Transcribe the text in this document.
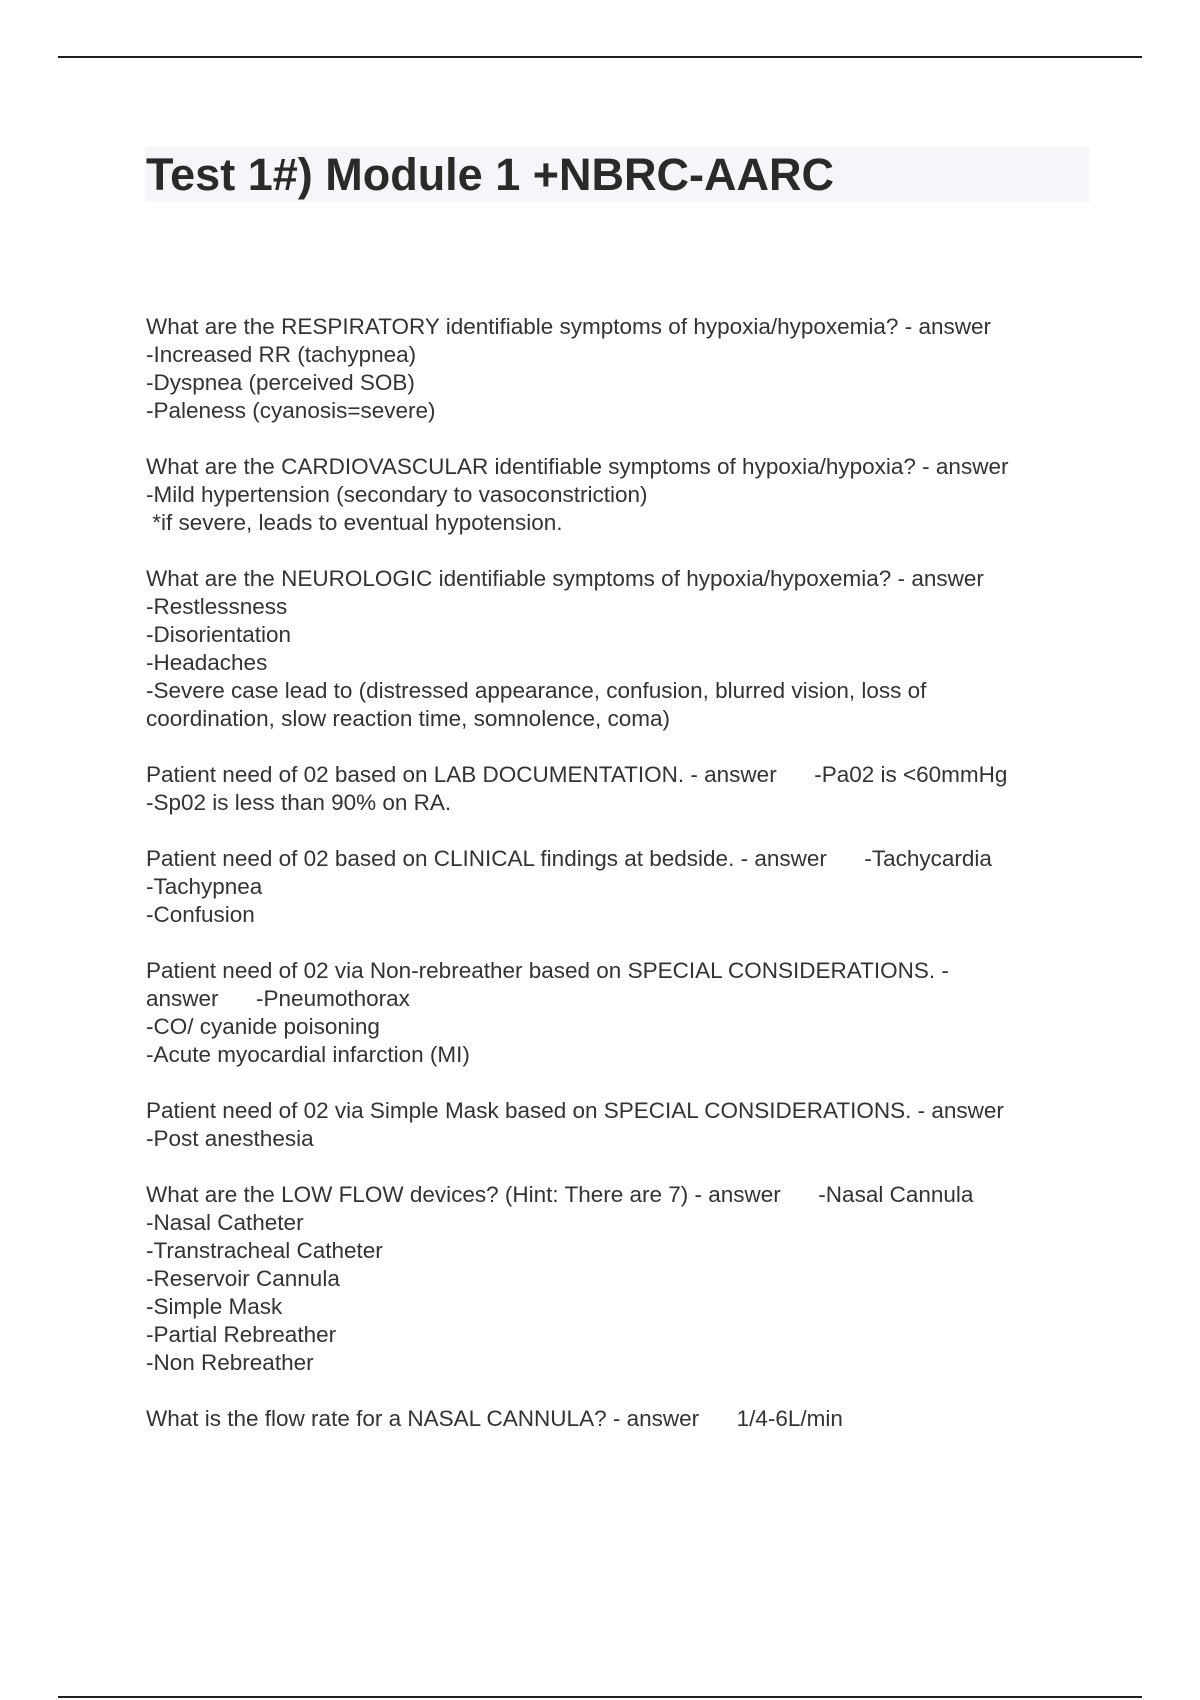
Test 1#) Module 1 +NBRC-AARC
What are the RESPIRATORY identifiable symptoms of hypoxia/hypoxemia? - answer
-Increased RR (tachypnea)
-Dyspnea (perceived SOB)
-Paleness (cyanosis=severe)
What are the CARDIOVASCULAR identifiable symptoms of hypoxia/hypoxia? - answer
-Mild hypertension (secondary to vasoconstriction)
*if severe, leads to eventual hypotension.
What are the NEUROLOGIC identifiable symptoms of hypoxia/hypoxemia? - answer
-Restlessness
-Disorientation
-Headaches
-Severe case lead to (distressed appearance, confusion, blurred vision, loss of
coordination, slow reaction time, somnolence, coma)
Patient need of 02 based on LAB DOCUMENTATION. - answer      -Pa02 is <60mmHg
-Sp02 is less than 90% on RA.
Patient need of 02 based on CLINICAL findings at bedside. - answer      -Tachycardia
-Tachypnea
-Confusion
Patient need of 02 via Non-rebreather based on SPECIAL CONSIDERATIONS. -
answer      -Pneumothorax
-CO/ cyanide poisoning
-Acute myocardial infarction (MI)
Patient need of 02 via Simple Mask based on SPECIAL CONSIDERATIONS. - answer
-Post anesthesia
What are the LOW FLOW devices? (Hint: There are 7) - answer      -Nasal Cannula
-Nasal Catheter
-Transtracheal Catheter
-Reservoir Cannula
-Simple Mask
-Partial Rebreather
-Non Rebreather
What is the flow rate for a NASAL CANNULA? - answer      1/4-6L/min
